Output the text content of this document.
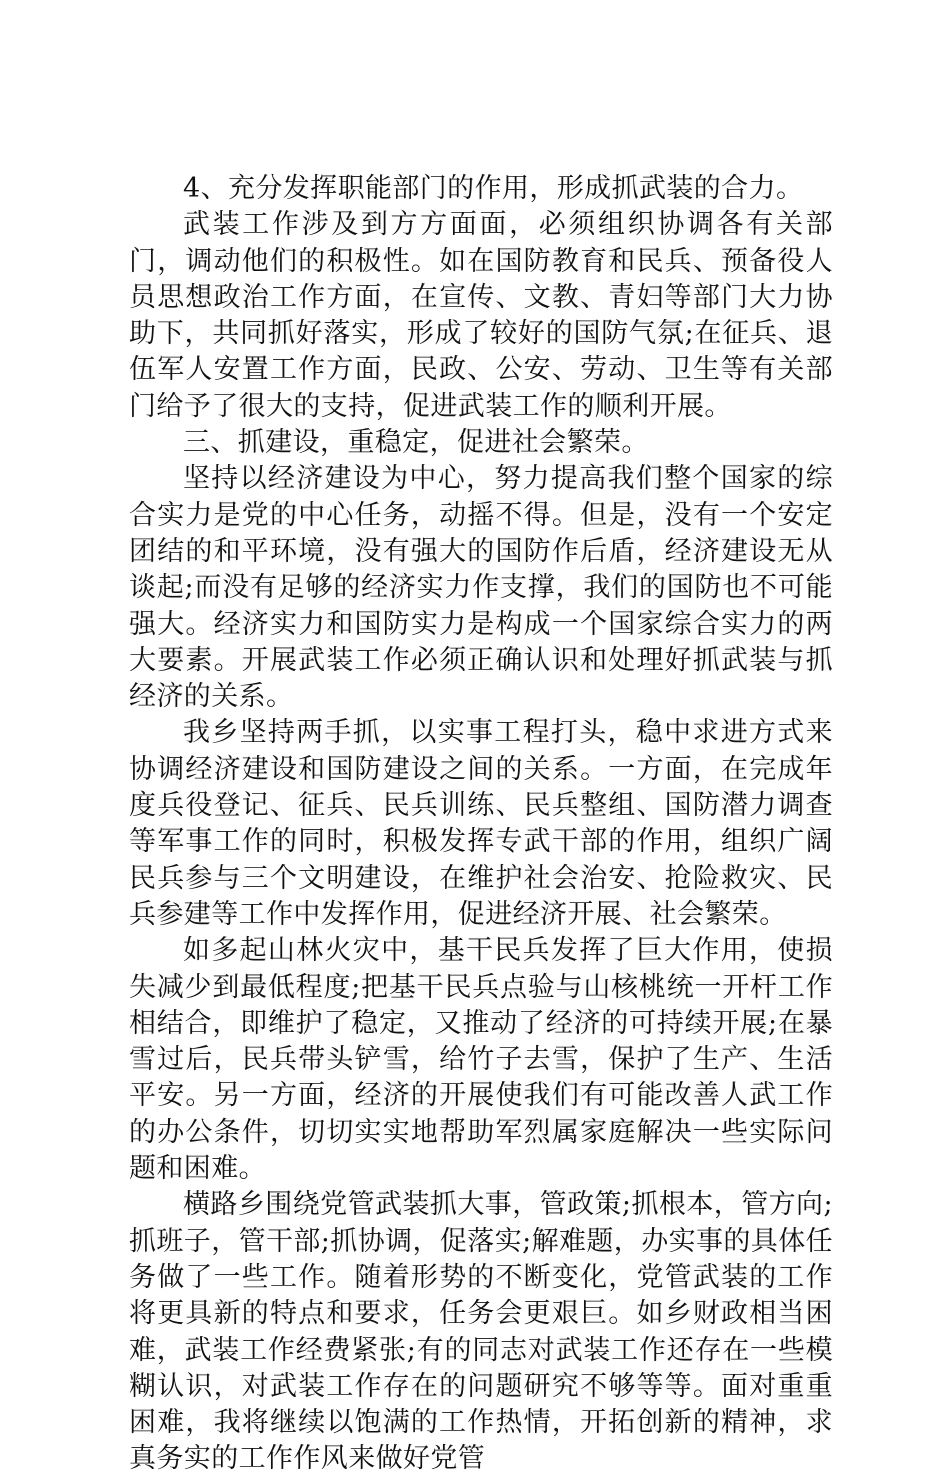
4、充分发挥职能部门的作用，形成抓武装的合力。

武装工作涉及到方方面面，必须组织协调各有关部门，调动他们的积极性。如在国防教育和民兵、预备役人员思想政治工作方面，在宣传、文教、青妇等部门大力协助下，共同抓好落实，形成了较好的国防气氛;在征兵、退伍军人安置工作方面，民政、公安、劳动、卫生等有关部门给予了很大的支持，促进武装工作的顺利开展。

三、抓建设，重稳定，促进社会繁荣。

坚持以经济建设为中心，努力提高我们整个国家的综合实力是党的中心任务，动摇不得。但是，没有一个安定团结的和平环境，没有强大的国防作后盾，经济建设无从谈起;而没有足够的经济实力作支撑，我们的国防也不可能强大。经济实力和国防实力是构成一个国家综合实力的两大要素。开展武装工作必须正确认识和处理好抓武装与抓经济的关系。

我乡坚持两手抓，以实事工程打头，稳中求进方式来协调经济建设和国防建设之间的关系。一方面，在完成年度兵役登记、征兵、民兵训练、民兵整组、国防潜力调查等军事工作的同时，积极发挥专武干部的作用，组织广阔民兵参与三个文明建设，在维护社会治安、抢险救灾、民兵参建等工作中发挥作用，促进经济开展、社会繁荣。

如多起山林火灾中，基干民兵发挥了巨大作用，使损失减少到最低程度;把基干民兵点验与山核桃统一开杆工作相结合，即维护了稳定，又推动了经济的可持续开展;在暴雪过后，民兵带头铲雪，给竹子去雪，保护了生产、生活平安。另一方面，经济的开展使我们有可能改善人武工作的办公条件，切切实实地帮助军烈属家庭解决一些实际问题和困难。

横路乡围绕党管武装抓大事，管政策;抓根本，管方向;抓班子，管干部;抓协调，促落实;解难题，办实事的具体任务做了一些工作。随着形势的不断变化，党管武装的工作将更具新的特点和要求，任务会更艰巨。如乡财政相当困难，武装工作经费紧张;有的同志对武装工作还存在一些模糊认识，对武装工作存在的问题研究不够等等。面对重重困难，我将继续以饱满的工作热情，开拓创新的精神，求真务实的工作作风来做好党管
